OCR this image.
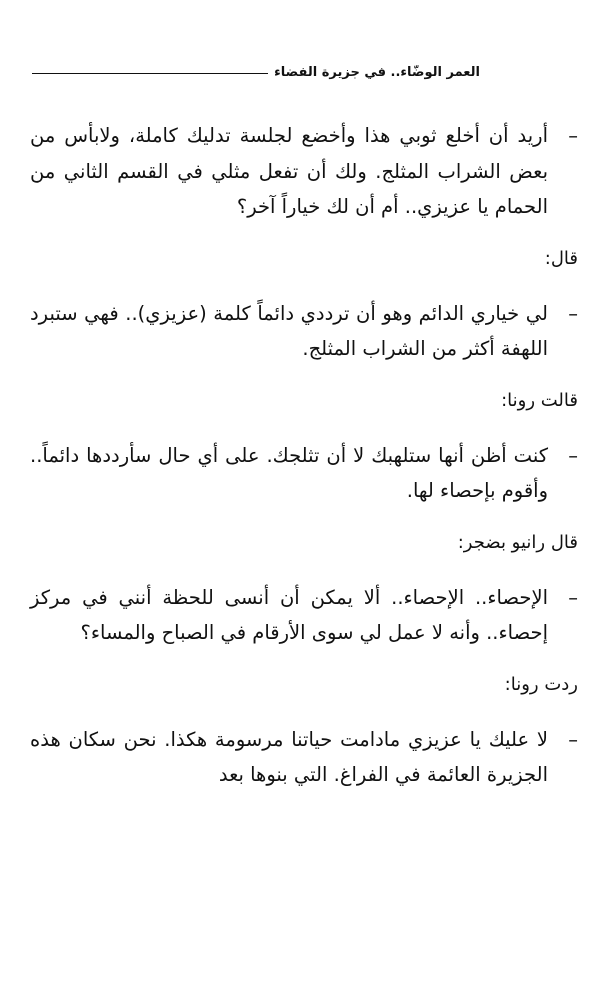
العمر الوضّاء.. في جزيرة الفضاء

–
أريد أن أخلع ثوبي هذا وأخضع لجلسة تدليك كاملة، ولابأس من بعض الشراب المثلج. ولك أن تفعل مثلي في القسم الثاني من الحمام يا عزيزي.. أم أن لك خياراً آخر؟

قال:

–
لي خياري الدائم وهو أن ترددي دائماً كلمة (عزيزي).. فهي ستبرد اللهفة أكثر من الشراب المثلج.

قالت رونا:

–
كنت أظن أنها ستلهبك لا أن تثلجك. على أي حال سأرددها دائماً.. وأقوم بإحصاء لها.

قال رانيو بضجر:

–
الإحصاء.. الإحصاء.. ألا يمكن أن أنسى للحظة أنني في مركز إحصاء.. وأنه لا عمل لي سوى الأرقام في الصباح والمساء؟

ردت رونا:

–
لا عليك يا عزيزي مادامت حياتنا مرسومة هكذا. نحن سكان هذه الجزيرة العائمة في الفراغ. التي بنوها بعد
